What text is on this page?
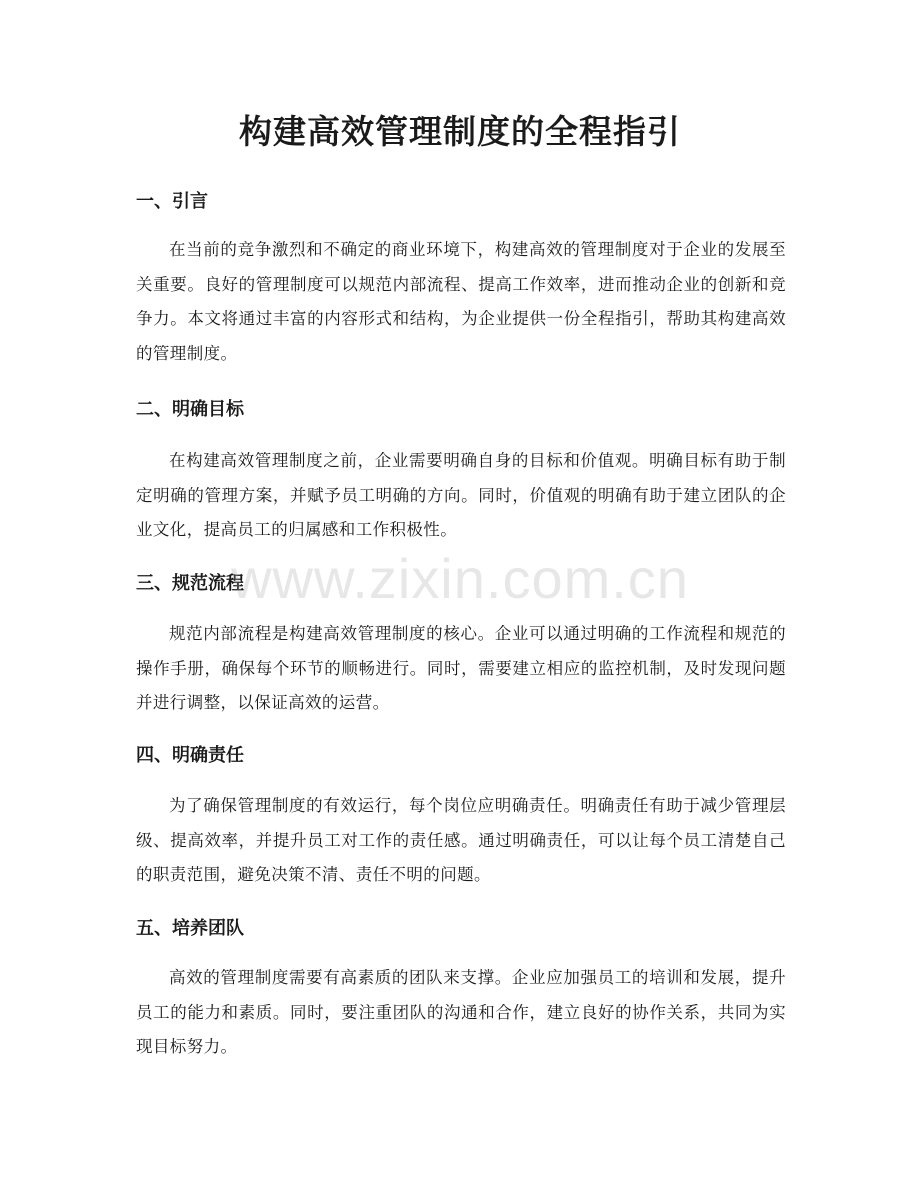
构建高效管理制度的全程指引
一、引言

在当前的竞争激烈和不确定的商业环境下，构建高效的管理制度对于企业的发展至关重要。良好的管理制度可以规范内部流程、提高工作效率，进而推动企业的创新和竞争力。本文将通过丰富的内容形式和结构，为企业提供一份全程指引，帮助其构建高效的管理制度。

二、明确目标

在构建高效管理制度之前，企业需要明确自身的目标和价值观。明确目标有助于制定明确的管理方案，并赋予员工明确的方向。同时，价值观的明确有助于建立团队的企业文化，提高员工的归属感和工作积极性。

三、规范流程

规范内部流程是构建高效管理制度的核心。企业可以通过明确的工作流程和规范的操作手册，确保每个环节的顺畅进行。同时，需要建立相应的监控机制，及时发现问题并进行调整，以保证高效的运营。

四、明确责任

为了确保管理制度的有效运行，每个岗位应明确责任。明确责任有助于减少管理层级、提高效率，并提升员工对工作的责任感。通过明确责任，可以让每个员工清楚自己的职责范围，避免决策不清、责任不明的问题。

五、培养团队

高效的管理制度需要有高素质的团队来支撑。企业应加强员工的培训和发展，提升员工的能力和素质。同时，要注重团队的沟通和合作，建立良好的协作关系，共同为实现目标努力。

www.zixin.com.cn
